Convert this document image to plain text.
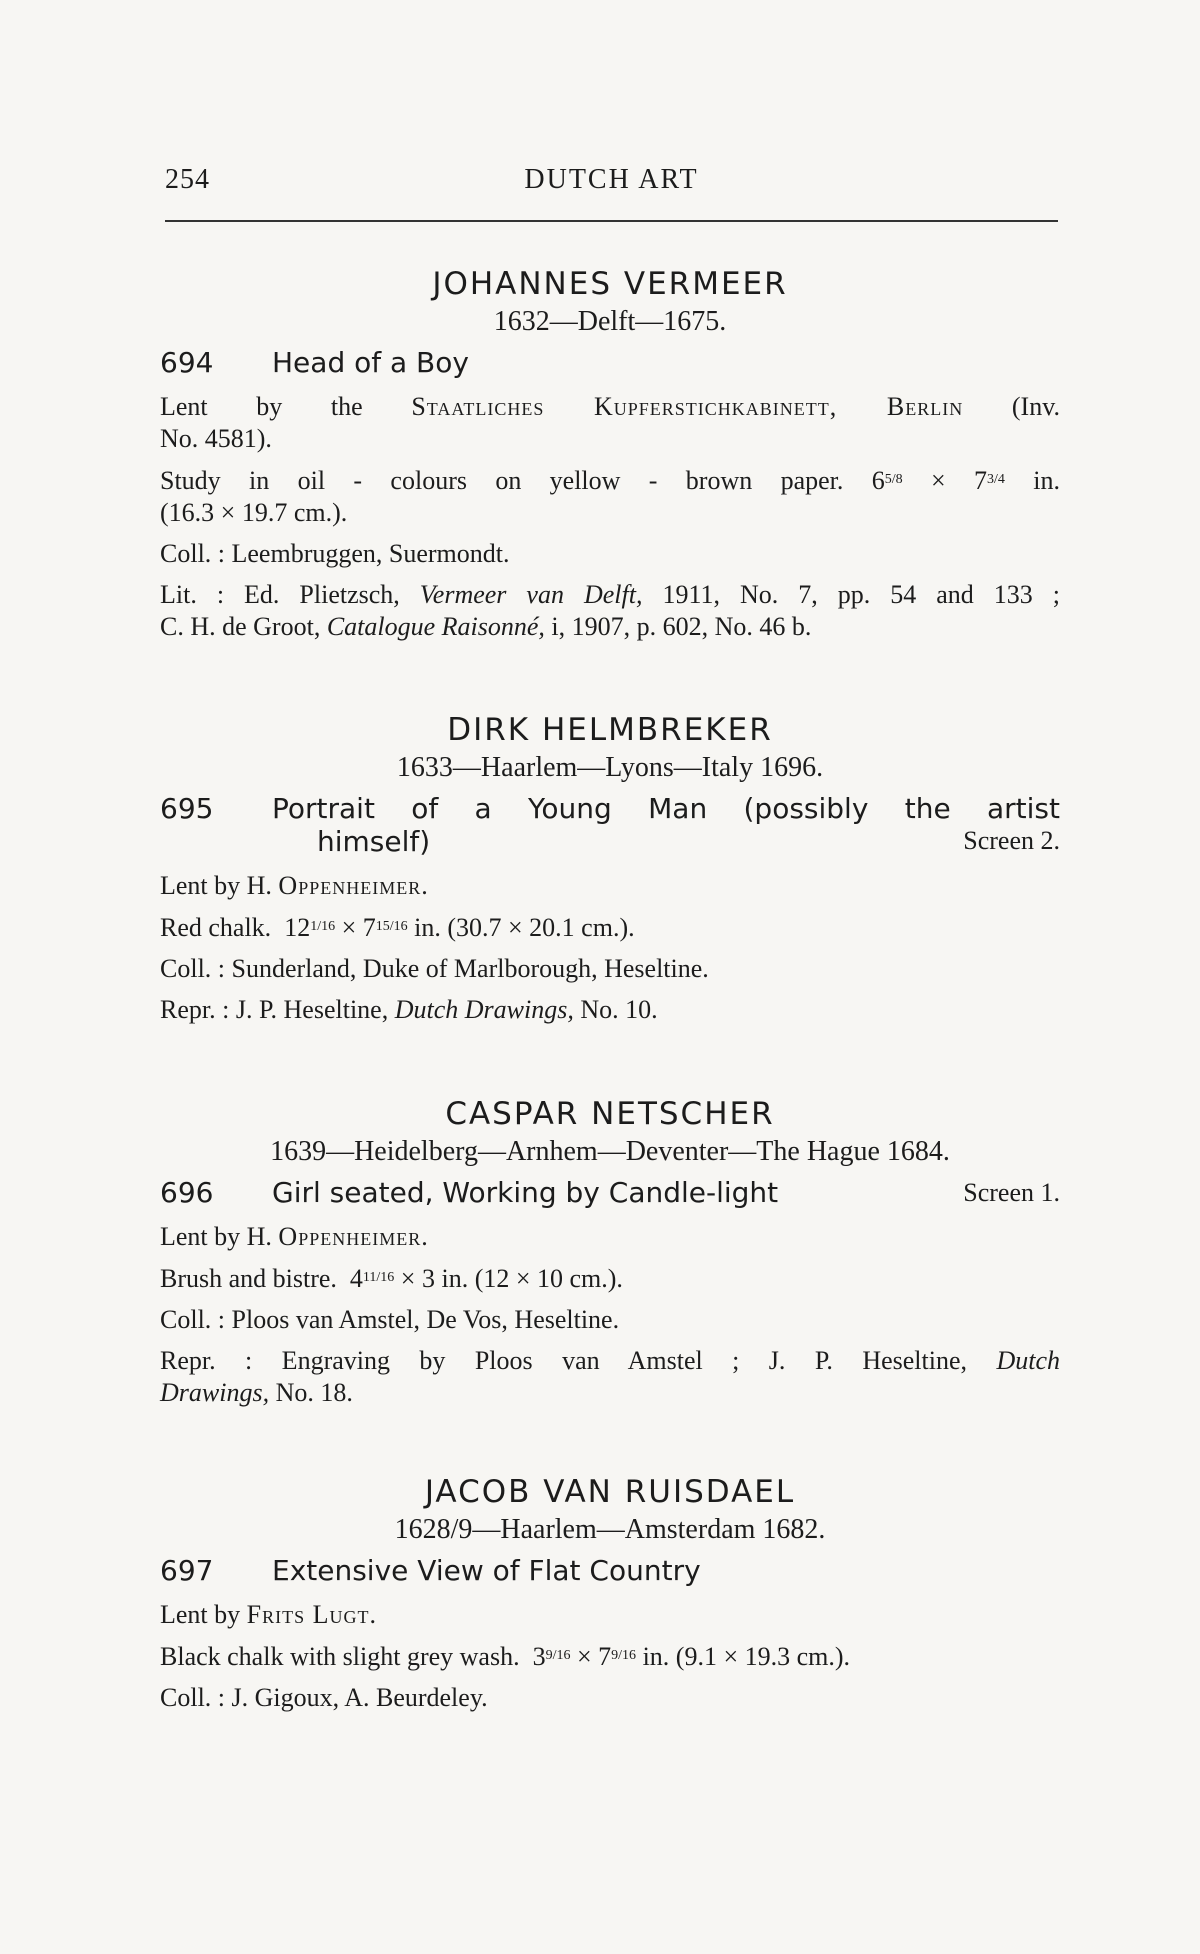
254	DUTCH ART
JOHANNES VERMEER
1632—Delft—1675.
694 Head of a Boy
Lent by the Staatliches Kupferstichkabinett, Berlin (Inv.
No. 4581).
Study in oil - colours on yellow - brown paper. $6^{5/8} \times 7^{3/4}$ in.
(16.3 × 19.7 cm.).
Coll. : Leembruggen, Suermondt.
Lit. : Ed. Plietzsch, Vermeer van Delft, 1911, No. 7, pp. 54 and 133 ;
C. H. de Groot, Catalogue Raisonné, i, 1907, p. 602, No. 46 b.
DIRK HELMBREKER
1633—Haarlem—Lyons—Italy 1696.
695 Portrait of a Young Man (possibly the artist
himself)	Screen 2.
Lent by H. Oppenheimer.
Red chalk. $12^{1/16} \times 7^{15/16}$ in. (30.7 × 20.1 cm.).
Coll. : Sunderland, Duke of Marlborough, Heseltine.
Repr. : J. P. Heseltine, Dutch Drawings, No. 10.
CASPAR NETSCHER
1639—Heidelberg—Arnhem—Deventer—The Hague 1684.
696 Girl seated, Working by Candle-light	Screen 1.
Lent by H. Oppenheimer.
Brush and bistre. $4^{11/16} \times 3$ in. (12 × 10 cm.).
Coll. : Ploos van Amstel, De Vos, Heseltine.
Repr. : Engraving by Ploos van Amstel ; J. P. Heseltine, Dutch
Drawings, No. 18.
JACOB VAN RUISDAEL
1628/9—Haarlem—Amsterdam 1682.
697 Extensive View of Flat Country
Lent by Frits Lugt.
Black chalk with slight grey wash. $3^{9/16} \times 7^{9/16}$ in. (9.1 × 19.3 cm.).
Coll. : J. Gigoux, A. Beurdeley.
